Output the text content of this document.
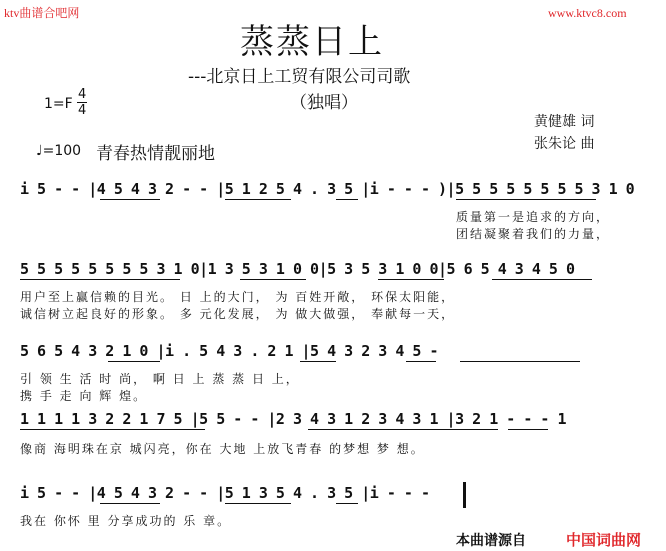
ktv曲谱合吧网	www.ktvc8.com
蒸蒸日上
---北京日上工贸有限公司司歌
（独唱）
1=F
4
4
♩=100 青春热情靓丽地
黄健雄 词
张朱论 曲
i 5 - - |4 5 4 3 2 - - |5 1 2 5 4 . 3 5 |i - - - )|5 5 5 5 5 5 5 5 3 1 0
质量第一是追求的方向，
团结凝聚着我们的力量，
5 5 5 5 5 5 5 5 3 1 0|1 3 5 3 1 0 0|5 3 5 3 1 0 0|5 6 5 4 3 4 5 0
用户至上赢信赖的目光。 日 上的大门， 为 百姓开敞， 环保太阳能，
诚信树立起良好的形象。 多 元化发展， 为 做大做强， 奉献每一天，
5 6 5 4 3 2 1 0 |i . 5 4 3 . 2 1 |5 4 3 2 3 4 5 -
引 领 生 活 时 尚， 啊 日 上 蒸 蒸 日 上，
携 手 走 向 辉 煌。
1 1 1 1 3 2 2 1 7 5 |5 5 - - |2 3 4 3 1 2 3 4 3 1 |3 2 1 - - - 1
像商 海明珠在京 城闪亮，你在 大地 上放飞青春 的梦想 梦 想。
i 5 - - |4 5 4 3 2 - - |5 1 3 5 4 . 3 5 |i - - -
我在 你怀 里 分享成功的 乐 章。
本曲谱源自	中国词曲网
